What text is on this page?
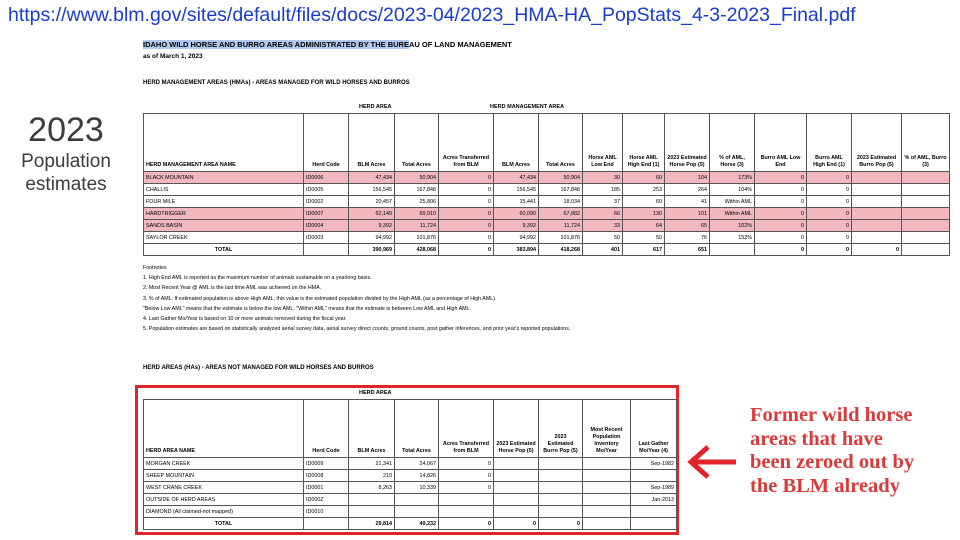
https://www.blm.gov/sites/default/files/docs/2023-04/2023_HMA-HA_PopStats_4-3-2023_Final.pdf
2023
Population
estimates
IDAHO WILD HORSE AND BURRO AREAS ADMINISTRATED BY THE BUREAU OF LAND MANAGEMENT
as of March 1, 2023
HERD MANAGEMENT AREAS (HMAs) - AREAS MANAGED FOR WILD HORSES AND BURROS
HERD AREA	HERD MANAGEMENT AREA
HERD MANAGEMENT AREA NAME	Herd Code	BLM Acres	Total Acres	Acres Transferred from BLM	BLM Acres	Total Acres	Horse AML Low End	Horse AML High End (1)	2023 Estimated Horse Pop (5)	% of AML, Horse (3)	Burro AML Low End	Burro AML High End (1)	2023 Estimated Burro Pop (5)	% of AML, Burro (3)
BLACK MOUNTAIN	ID0006	47,434	50,904	0	47,434	50,904	30	60	104	173%	0	0		
CHALLIS	ID0005	156,545	167,848	0	156,545	167,848	185	253	264	104%	0	0		
FOUR MILE	ID0002	20,457	25,806	0	15,441	18,034	37	60	41	Within AML	0	0		
HARDTRIGGER	ID0007	62,149	69,910	0	60,090	67,882	66	130	101	Within AML	0	0		
SANDS BASIN	ID0004	9,392	11,724	0	9,392	11,724	33	64	65	102%	0	0		
SAYLOR CREEK	ID0003	94,992	101,876	0	94,992	101,876	50	50	76	152%	0	0		
TOTAL		390,969	428,068	0	383,894	418,268	401	617	651		0	0	0	
Footnotes
1. High End AML is reported as the maximum number of animals sustainable on a yearlong basis.
2. Most Recent Year @ AML is the last time AML was achieved on the HMA.
3. % of AML: If estimated population is above High AML, this value is the estimated population divided by the High AML (as a percentage of High AML).
"Below Low AML" means that the estimate is below the low AML. "Within AML" means that the estimate is between Low AML and High AML.
4. Last Gather Mo/Year is based on 10 or more animals removed during the fiscal year.
5. Population estimates are based on statistically analyzed aerial survey data, aerial survey direct counts, ground counts, post gather inferences, and prior year's reported populations.
HERD AREAS (HAs) - AREAS NOT MANAGED FOR WILD HORSES AND BURROS
HERD AREA
HERD AREA NAME	Herd Code	BLM Acres	Total Acres	Acres Transferred from BLM	2023 Estimated Horse Pop (5)	2023 Estimated Burro Pop (5)	Most Recent Population Inventory Mo/Year	Last Gather Mo/Year (4)
MORGAN CREEK	ID0009	21,341	24,067	0				Sep-1982
SHEEP MOUNTAIN	ID0008	210	14,826	0				
WEST CRANE CREEK	ID0001	8,263	10,339	0				Sep-1989
OUTSIDE OF HERD AREAS	ID000Z							Jan-2013
DIAMOND (All claimed-not mapped)	ID0010							
TOTAL		29,814	49,232	0	0	0		
Former wild horse
areas that have
been zeroed out by
the BLM already
